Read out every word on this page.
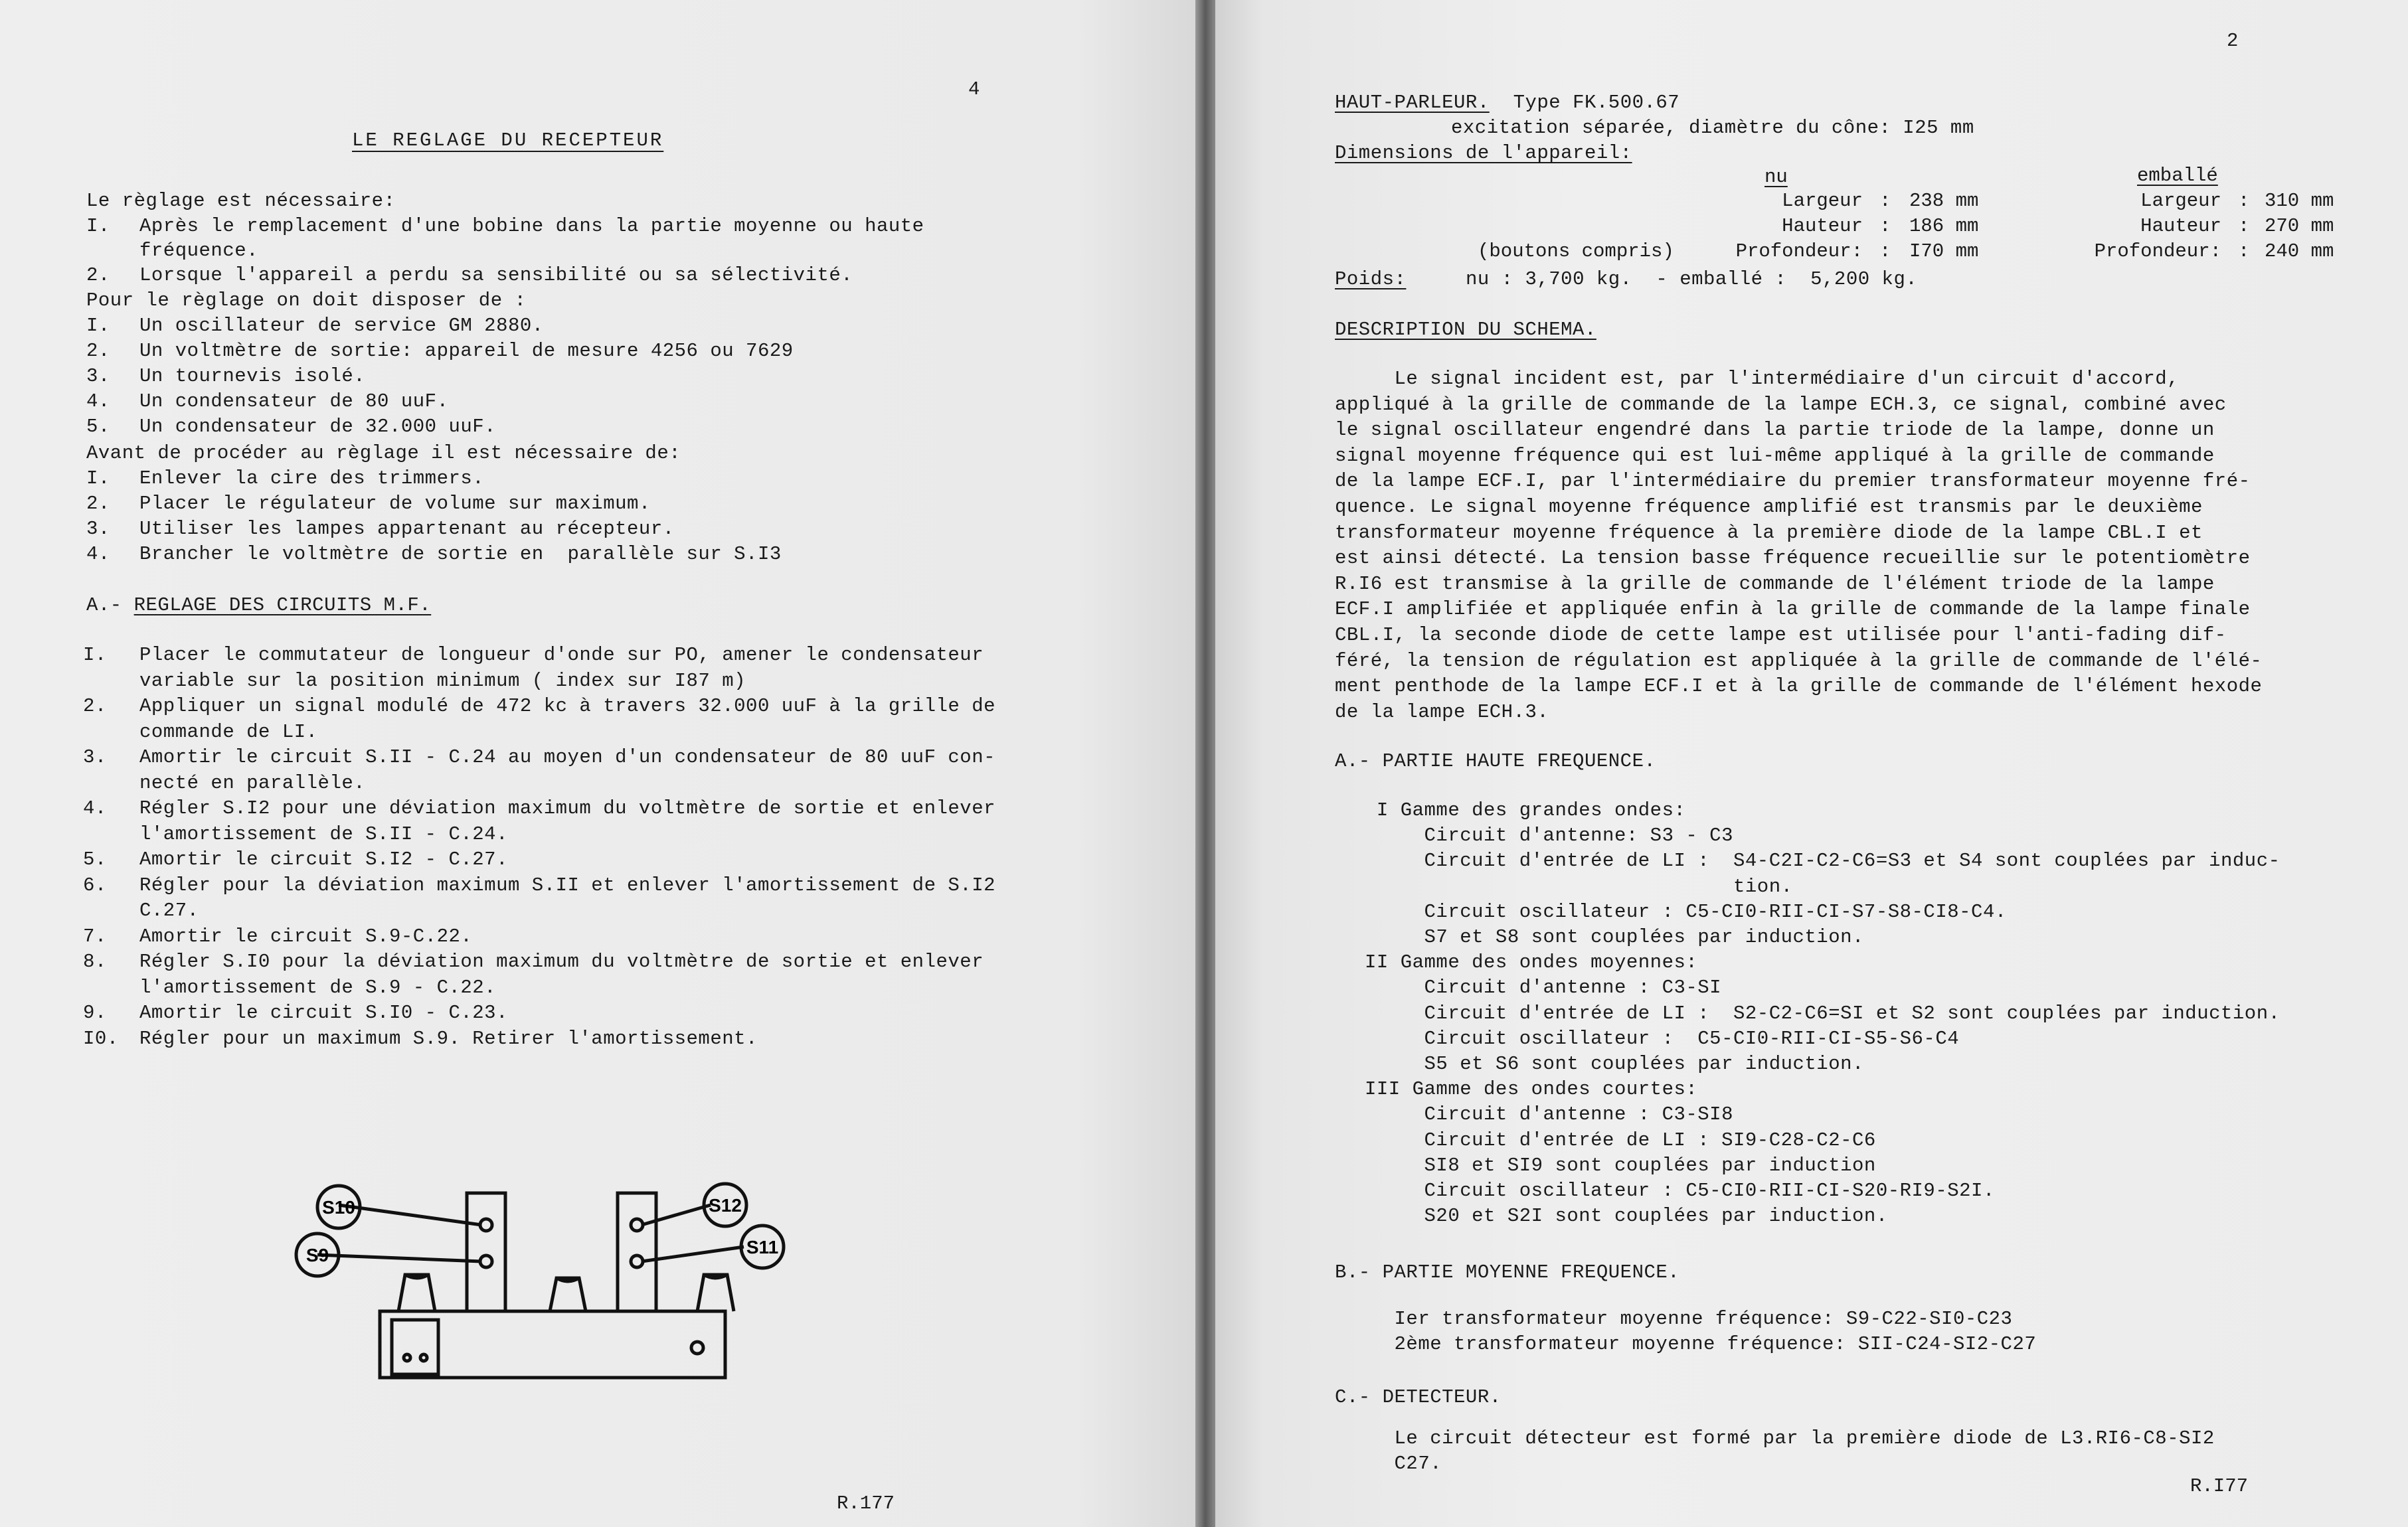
4
LE REGLAGE DU RECEPTEUR
Le règlage est nécessaire:
I. Après le remplacement d'une bobine dans la partie moyenne ou haute
fréquence.
2. Lorsque l'appareil a perdu sa sensibilité ou sa sélectivité.
Pour le règlage on doit disposer de :
I. Un oscillateur de service GM 2880.
2. Un voltmètre de sortie: appareil de mesure 4256 ou 7629
3. Un tournevis isolé.
4. Un condensateur de 80 uuF.
5. Un condensateur de 32.000 uuF.
Avant de procéder au règlage il est nécessaire de:
I. Enlever la cire des trimmers.
2. Placer le régulateur de volume sur maximum.
3. Utiliser les lampes appartenant au récepteur.
4. Brancher le voltmètre de sortie en  parallèle sur S.I3
A.- REGLAGE DES CIRCUITS M.F.
I. Placer le commutateur de longueur d'onde sur PO, amener le condensateur
variable sur la position minimum ( index sur I87 m)
2. Appliquer un signal modulé de 472 kc à travers 32.000 uuF à la grille de
commande de LI.
3. Amortir le circuit S.II - C.24 au moyen d'un condensateur de 80 uuF con-
necté en parallèle.
4. Régler S.I2 pour une déviation maximum du voltmètre de sortie et enlever
l'amortissement de S.II - C.24.
5. Amortir le circuit S.I2 - C.27.
6. Régler pour la déviation maximum S.II et enlever l'amortissement de S.I2
C.27.
7. Amortir le circuit S.9-C.22.
8. Régler S.I0 pour la déviation maximum du voltmètre de sortie et enlever
l'amortissement de S.9 - C.22.
9. Amortir le circuit S.I0 - C.23.
I0. Régler pour un maximum S.9. Retirer l'amortissement.
S10
S9
S12
S11
R.177
2
HAUT-PARLEUR. Type FK.500.67
excitation séparée, diamètre du cône: I25 mm
Dimensions de l'appareil:
nu	emballé
Largeur : 238 mm	Largeur : 310 mm
Hauteur : 186 mm	Hauteur : 270 mm
Profondeur: : I70 mm	Profondeur: : 240 mm
(boutons compris)
Poids:	nu : 3,700 kg.  - emballé :  5,200 kg.
DESCRIPTION DU SCHEMA.
Le signal incident est, par l'intermédiaire d'un circuit d'accord,
appliqué à la grille de commande de la lampe ECH.3, ce signal, combiné avec
le signal oscillateur engendré dans la partie triode de la lampe, donne un
signal moyenne fréquence qui est lui-même appliqué à la grille de commande
de la lampe ECF.I, par l'intermédiaire du premier transformateur moyenne fré-
quence. Le signal moyenne fréquence amplifié est transmis par le deuxième
transformateur moyenne fréquence à la première diode de la lampe CBL.I et
est ainsi détecté. La tension basse fréquence recueillie sur le potentiomètre
R.I6 est transmise à la grille de commande de l'élément triode de la lampe
ECF.I amplifiée et appliquée enfin à la grille de commande de la lampe finale
CBL.I, la seconde diode de cette lampe est utilisée pour l'anti-fading dif-
féré, la tension de régulation est appliquée à la grille de commande de l'élé-
ment penthode de la lampe ECF.I et à la grille de commande de l'élément hexode
de la lampe ECH.3.
A.- PARTIE HAUTE FREQUENCE.
I Gamme des grandes ondes:
Circuit d'antenne: S3 - C3
Circuit d'entrée de LI :  S4-C2I-C2-C6=S3 et S4 sont couplées par induc-
tion.
Circuit oscillateur : C5-CI0-RII-CI-S7-S8-CI8-C4.
S7 et S8 sont couplées par induction.
II Gamme des ondes moyennes:
Circuit d'antenne : C3-SI
Circuit d'entrée de LI :  S2-C2-C6=SI et S2 sont couplées par induction.
Circuit oscillateur :  C5-CI0-RII-CI-S5-S6-C4
S5 et S6 sont couplées par induction.
III Gamme des ondes courtes:
Circuit d'antenne : C3-SI8
Circuit d'entrée de LI : SI9-C28-C2-C6
SI8 et SI9 sont couplées par induction
Circuit oscillateur : C5-CI0-RII-CI-S20-RI9-S2I.
S20 et S2I sont couplées par induction.
B.- PARTIE MOYENNE FREQUENCE.
Ier transformateur moyenne fréquence: S9-C22-SI0-C23
2ème transformateur moyenne fréquence: SII-C24-SI2-C27
C.- DETECTEUR.
Le circuit détecteur est formé par la première diode de L3.RI6-C8-SI2
C27.
R.I77
